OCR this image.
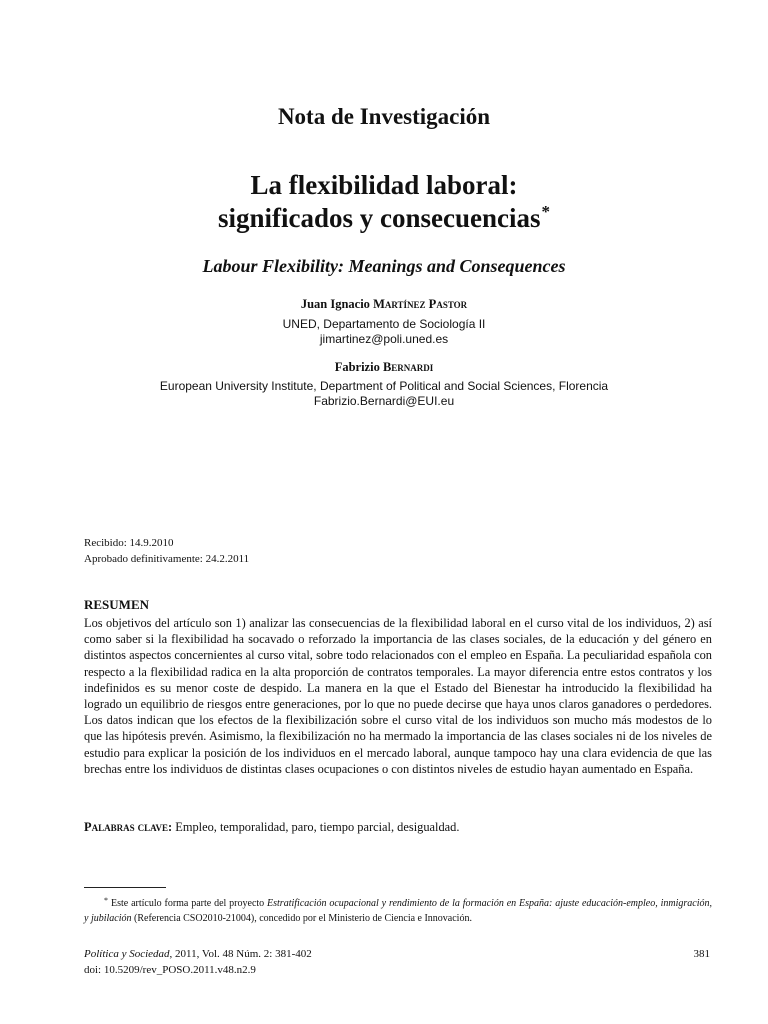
Nota de Investigación
La flexibilidad laboral:
significados y consecuencias*
Labour Flexibility: Meanings and Consequences
Juan Ignacio Martínez Pastor
UNED, Departamento de Sociología II
jimartinez@poli.uned.es
Fabrizio Bernardi
European University Institute, Department of Political and Social Sciences, Florencia
Fabrizio.Bernardi@EUI.eu
Recibido: 14.9.2010
Aprobado definitivamente: 24.2.2011
RESUMEN
Los objetivos del artículo son 1) analizar las consecuencias de la flexibilidad laboral en el curso vital de los individuos, 2) así como saber si la flexibilidad ha socavado o reforzado la importancia de las clases sociales, de la educación y del género en distintos aspectos concernientes al curso vital, sobre todo relacionados con el empleo en España. La peculiaridad española con respecto a la flexibilidad radica en la alta proporción de contratos temporales. La mayor diferencia entre estos contratos y los indefinidos es su menor coste de despido. La manera en la que el Estado del Bienestar ha introducido la flexibilidad ha logrado un equilibrio de riesgos entre generaciones, por lo que no puede decirse que haya unos claros ganadores o perdedores. Los datos indican que los efectos de la flexibilización sobre el curso vital de los individuos son mucho más modestos de lo que las hipótesis prevén. Asimismo, la flexibilización no ha mermado la importancia de las clases sociales ni de los niveles de estudio para explicar la posición de los individuos en el mercado laboral, aunque tampoco hay una clara evidencia de que las brechas entre los individuos de distintas clases ocupaciones o con distintos niveles de estudio hayan aumentado en España.
Palabras clave: Empleo, temporalidad, paro, tiempo parcial, desigualdad.
* Este artículo forma parte del proyecto Estratificación ocupacional y rendimiento de la formación en España: ajuste educación-empleo, inmigración, y jubilación (Referencia CSO2010-21004), concedido por el Ministerio de Ciencia e Innovación.
Política y Sociedad, 2011, Vol. 48 Núm. 2: 381-402
doi: 10.5209/rev_POSO.2011.v48.n2.9
381
